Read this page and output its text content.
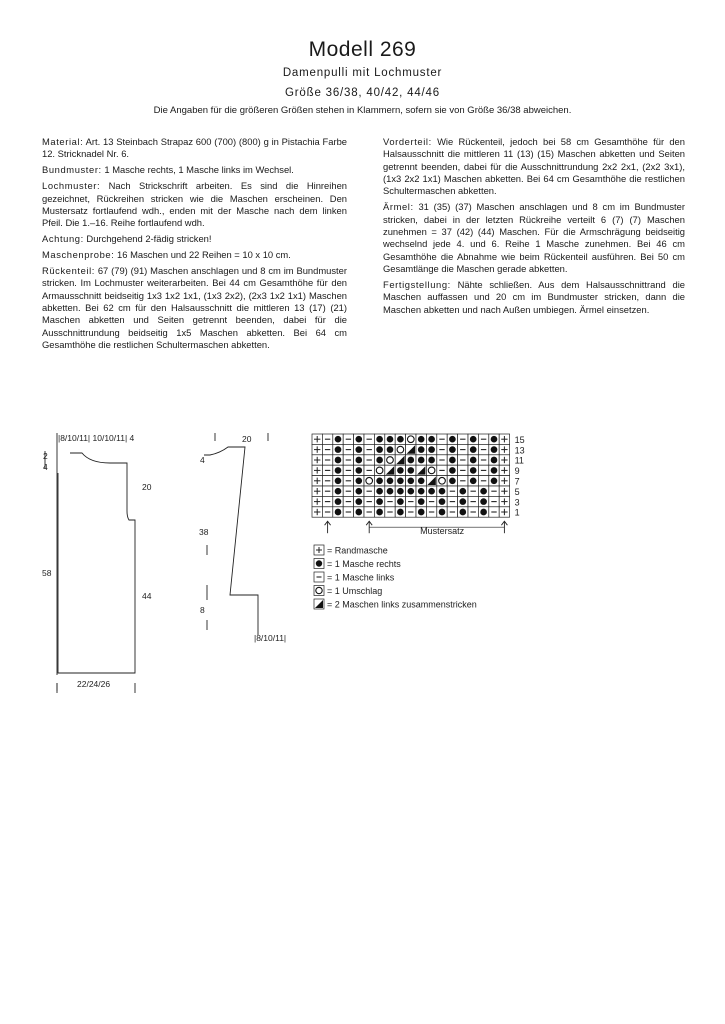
Modell 269
Damenpulli mit Lochmuster
Größe 36/38, 40/42, 44/46
Die Angaben für die größeren Größen stehen in Klammern, sofern sie von Größe 36/38 abweichen.

Material: Art. 13 Steinbach Strapaz 600 (700) (800) g in Pistachia Farbe 12. Stricknadel Nr. 6.

Bundmuster: 1 Masche rechts, 1 Masche links im Wechsel.

Lochmuster: Nach Strickschrift arbeiten. Es sind die Hinreihen gezeichnet, Rückreihen stricken wie die Maschen erscheinen. Den Mustersatz fortlaufend wdh., enden mit der Masche nach dem linken Pfeil. Die 1.–16. Reihe fortlaufend wdh.

Achtung: Durchgehend 2-fädig stricken!

Maschenprobe: 16 Maschen und 22 Reihen = 10 x 10 cm.

Rückenteil: 67 (79) (91) Maschen anschlagen und 8 cm im Bundmuster stricken. Im Lochmuster weiterarbeiten. Bei 44 cm Gesamthöhe für den Armausschnitt beidseitig 1x3 1x2 1x1, (1x3 2x2), (2x3 1x2 1x1) Maschen abketten. Bei 62 cm für den Halsausschnitt die mittleren 13 (17) (21) Maschen abketten und Seiten getrennt beenden, dabei für die Ausschnittrundung beidseitig 1x5 Maschen abketten. Bei 64 cm Gesamthöhe die restlichen Schultermaschen abketten.

Vorderteil: Wie Rückenteil, jedoch bei 58 cm Gesamthöhe für den Halsausschnitt die mittleren 11 (13) (15) Maschen abketten und Seiten getrennt beenden, dabei für die Ausschnittrundung 2x2 2x1, (2x2 3x1), (1x3 2x2 1x1) Maschen abketten. Bei 64 cm Gesamthöhe die restlichen Schultermaschen abketten.

Ärmel: 31 (35) (37) Maschen anschlagen und 8 cm im Bundmuster stricken, dabei in der letzten Rückreihe verteilt 6 (7) (7) Maschen zunehmen = 37 (42) (44) Maschen. Für die Armschrägung beidseitig wechselnd jede 4. und 6. Reihe 1 Masche zunehmen. Bei 46 cm Gesamthöhe die Abnahme wie beim Rückenteil ausführen. Bei 50 cm Gesamtlänge die Maschen gerade abketten.

Fertigstellung: Nähte schließen. Aus dem Halsausschnittrand die Maschen auffassen und 20 cm im Bundmuster stricken, dann die Maschen abketten und nach Außen umbiegen. Ärmel einsetzen.

|8/10/11| 10/10/11| 4
2
4
20
58
44
22/24/26
20
4
38
8
|8/10/11|
15
13
11
9
7
5
3
1
Mustersatz
= Randmasche
= 1 Masche rechts
= 1 Masche links
= 1 Umschlag
= 2 Maschen links zusammenstricken
